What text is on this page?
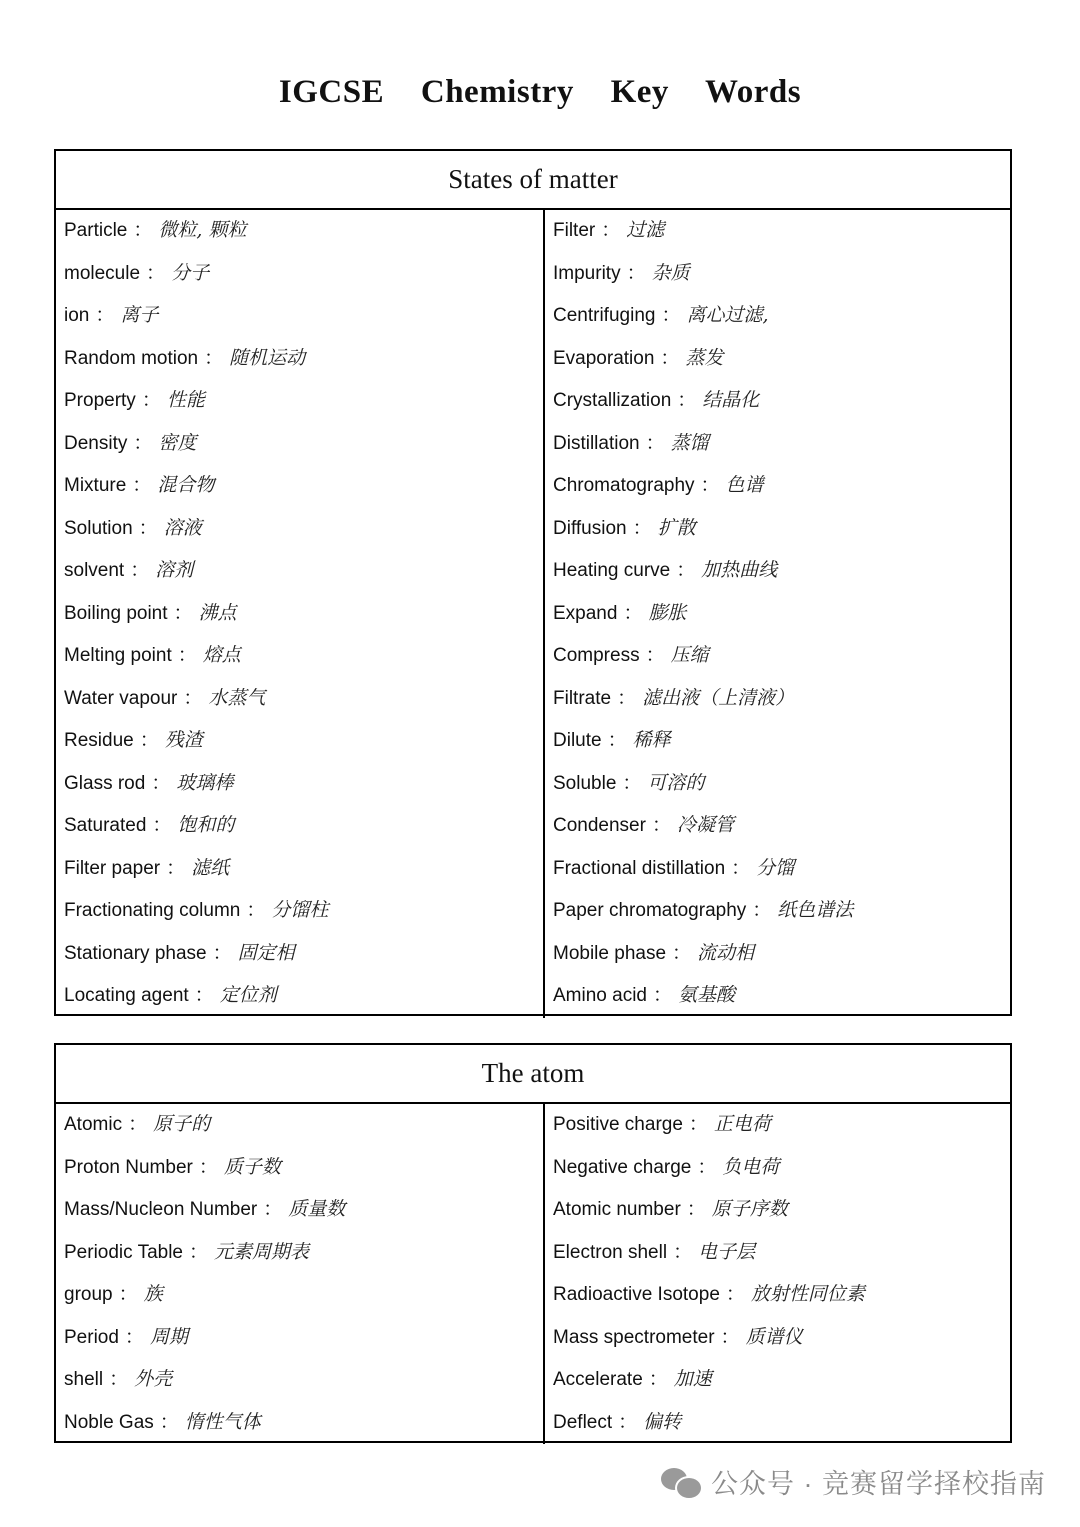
IGCSE Chemistry Key Words
States of matter
Particle ： 微粒, 颗粒
molecule ： 分子
ion ： 离子
Random motion ： 随机运动
Property ： 性能
Density ： 密度
Mixture ： 混合物
Solution ： 溶液
solvent ： 溶剂
Boiling point ： 沸点
Melting point ： 熔点
Water vapour ： 水蒸气
Residue ： 残渣
Glass rod ： 玻璃棒
Saturated ： 饱和的
Filter paper ： 滤纸
Fractionating column ： 分馏柱
Stationary phase ： 固定相
Locating agent ： 定位剂
Filter ： 过滤
Impurity ： 杂质
Centrifuging ： 离心过滤,
Evaporation ： 蒸发
Crystallization ： 结晶化
Distillation ： 蒸馏
Chromatography ： 色谱
Diffusion ： 扩散
Heating curve ： 加热曲线
Expand ： 膨胀
Compress ： 压缩
Filtrate ： 滤出液（上清液）
Dilute ： 稀释
Soluble ： 可溶的
Condenser ： 冷凝管
Fractional distillation ： 分馏
Paper chromatography ： 纸色谱法
Mobile phase ： 流动相
Amino acid ： 氨基酸
The atom
Atomic ： 原子的
Proton Number ： 质子数
Mass/Nucleon Number ： 质量数
Periodic Table ： 元素周期表
group ： 族
Period ： 周期
shell ： 外壳
Noble Gas ： 惰性气体
Positive charge ： 正电荷
Negative charge ： 负电荷
Atomic number ： 原子序数
Electron shell ： 电子层
Radioactive Isotope ： 放射性同位素
Mass spectrometer ： 质谱仪
Accelerate ： 加速
Deflect ： 偏转
公众号 · 竞赛留学择校指南
